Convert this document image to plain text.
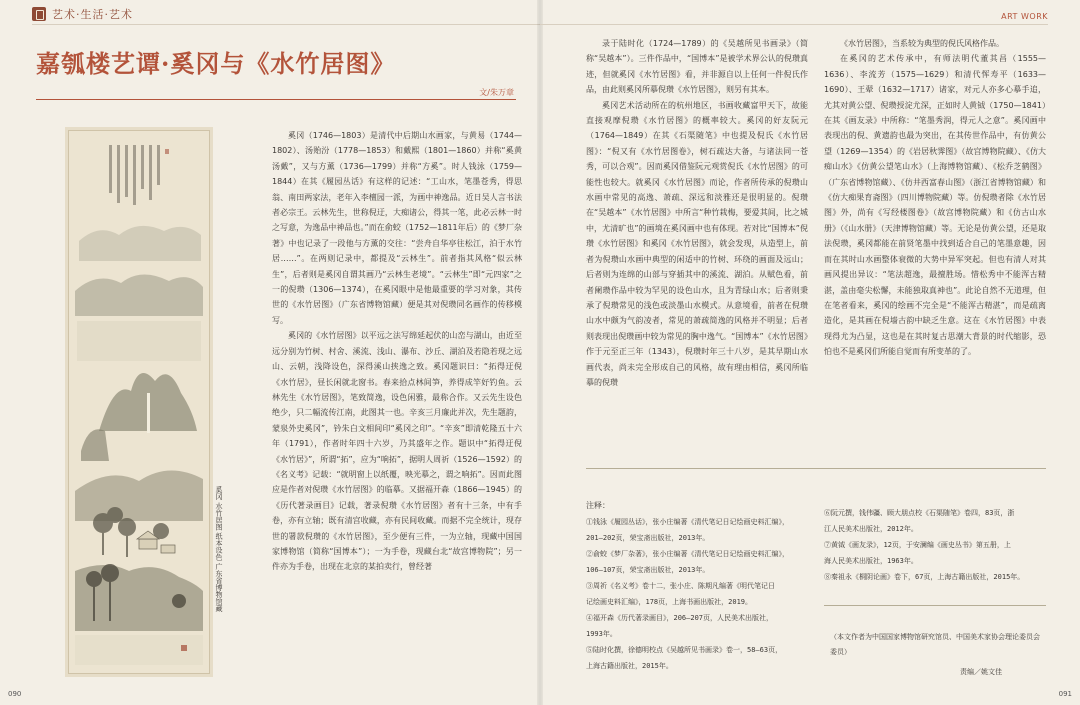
艺术·生活·艺术
嘉瓠楼艺谭·奚冈与《水竹居图》
文/朱万章
奚冈 水竹居图 纸本设色 广东省博物馆藏

奚冈（1746—1803）是清代中后期山水画家，与黄易（1744—1802）、汤贻汾（1778—1853）和戴熙（1801—1860）并称“奚黄汤戴”，又与方薰（1736—1799）并称“方奚”。时人钱泳（1759—1844）在其《履园丛话》有这样的记述：“工山水，笔墨苍秀，得思翁、南田两家法，老年入李檀园一派，为画中神逸品。近日吴人言书法者必宗王。云林先生，世称倪迂，大痴诸公，得其一笔，此必云林一时之写意，为逸品中神品也。”而在俞蛟（1752—1811年后）的《梦厂杂著》中也记录了一段他与方薰的交往：“尝舟自华亭往松江，泊于水竹居……”。在两则记录中，都提及“云林生”。前者指其风格“似云林生”，后者则是奚冈自谓其画乃“云林生老境”。“云林生”即“元四家”之一的倪瓒（1306—1374），在奚冈眼中是他最重要的学习对象，其传世的《水竹居图》（广东省博物馆藏）便是其对倪瓒同名画作的传移模写。

奚冈的《水竹居图》以平远之法写绵延起伏的山峦与湖山，由近至远分别为竹树、村舍、溪流、浅山、瀑布、沙丘、湖泊及若隐若现之远山、云朝，浅降设色，深得溪山挟逸之致。奚冈题识曰：“拓得迂倪《水竹居》，昼长闲就北窗书。春来拾点林间笋，养得成竿好钓鱼。云林先生《水竹居图》，笔致简逸，设色闲雅，最称合作。又云先生设色绝少，只二幅流传江南，此图其一也。辛亥三月廉此并次，先生题韵，蒙泉外史奚冈”，钤朱白文相间印“奚冈之印”。“辛亥”即清乾隆五十六年（1791），作者时年四十六岁，乃其盛年之作。题识中“拓得迂倪《水竹居》”，所谓“拓”，应为“响拓”，据明人周祈（1526—1592）的《名义考》记载：“就明窗上以纸覆，映光摹之，谓之响拓”。因而此图应是作者对倪瓒《水竹居图》的临摹。又据福开森（1866—1945）的《历代著录画目》记载，著录倪瓒《水竹居图》者有十三条，中有手卷，亦有立轴；既有清宫收藏，亦有民间收藏。而据不完全统计，现存世的署款倪瓒的《水竹居图》，至少便有三件，一为立轴，现藏中国国家博物馆（简称“国博本”）；一为手卷，现藏台北“故宫博物院”；另一件亦为手卷，出现在北京的某拍卖行，曾经著

090
ART WORK

录于陆时化（1724—1789）的《吴越所见书画录》（简称“吴越本”）。三件作品中，“国博本”是被学术界公认的倪瓒真迹，但就奚冈《水竹居图》看，并非源自以上任何一件倪氏作品，由此则奚冈所摹倪瓒《水竹居图》，则另有其本。

奚冈艺术活动所在的杭州地区，书画收藏富甲天下，故能直接观摩倪瓒《水竹居图》的概率较大。奚冈的好友阮元（1764—1849）在其《石渠随笔》中也提及倪氏《水竹居图》：“倪又有《水竹居图卷》，树石疏达大备，与诸法同一苍秀，可以合观”。因而奚冈借鉴阮元观赏倪氏《水竹居图》的可能性也较大。就奚冈《水竹居图》而论，作者所传承的倪瓒山水画中常见的高逸、萧疏、深远和淡雅还是很明显的。倪瓒在“吴越本”《水竹居图》中所言“种竹栽梅，要爱其间，比之城中，尤清旷也”的画境在奚冈画中也有体现。若对比“国博本”倪瓒《水竹居图》和奚冈《水竹居图》，就会发现，从造型上，前者为倪瓒山水画中典型的闲适中的竹树、环绕的画面及远山；后者则为连绵的山部与穿插其中的溪流、湖泊。从赋色看，前者阑瓒作品中较为罕见的设色山水，且为青绿山水；后者则秉承了倪瓒常见的浅色或淡墨山水模式。从意境看，前者在倪瓒山水中颇为气韵凌者，常见的萧疏简逸的风格并不明显；后者则表现出倪瓒画中较为常见的胸中逸气。“国博本”《水竹居图》作于元至正三年（1343），倪瓒时年三十八岁，是其早期山水画代表，尚未完全形成自己的风格，故有理由相信，奚冈所临摹的倪瓒

《水竹居图》，当系较为典型的倪氏风格作品。

在奚冈的艺术传承中，有师法明代董其昌（1555—1636）、李流芳（1575—1629）和清代恽寿平（1633—1690）、王翚（1632—1717）诸家，对元人亦多心摹手追，尤其对黄公望、倪瓒授淀尤深，正如时人黄钺（1750—1841）在其《画友录》中所称：“笔墨秀润，得元人之意”。奚冈画中表现出的倪、黄遗韵也最为突出，在其传世作品中，有仿黄公望（1269—1354）的《岩居秋霁图》（故宫博物院藏）、《仿大痴山水》《仿黄公望笔山水》（上海博物馆藏）、《松乔芝鹤图》（广东省博物馆藏）、《仿井西富春山图》（浙江省博物馆藏）和《仿大痴果育斋图》（四川博物院藏）等。仿倪瓒者除《水竹居图》外，尚有《写经楼图卷》（故宫博物院藏）和《仿古山水册》（《山水册》（天津博物馆藏）等。无论是仿黄公望，还是取法倪瓒，奚冈都能在前贤笔墨中找到适合自己的笔墨意趣，因而在其时山水画整体衰微的大势中异军突起。但也有清人对其画风提出异议：“笔法超逸，最擅胜场。惜松秀中不能浑古精湛，盖由毫尖松懈，未能独取真神也”。此论自然不无道理，但在笔者看来，奚冈的绘画不完全是“不能浑古精湛”，而是疏离造化，是其画在倪墙古韵中缺乏生意。这在《水竹居图》中表现得尤为凸显，这也是在其时复古思潮大背景的时代缩影，恐怕也不是奚冈们所能自觉而有所变革的了。

注释：
①钱泳《履园丛话》，张小庄编著《清代笔记日记绘画史料汇编》，
201—202页，荣宝斋出版社，2013年。
②俞蛟《梦厂杂著》，张小庄编著《清代笔记日记绘画史料汇编》，
106—107页，荣宝斋出版社，2013年。
③周祈《名义考》卷十二，张小庄、陈期凡编著《明代笔记日
记绘画史料汇编》，178页，上海书画出版社，2019。
④福开森《历代著录画目》，206—207页，人民美术出版社，
1993年。
⑤陆时化撰，徐德明校点《吴越所见书画录》卷一，58—63页，
上海古籍出版社，2015年。
⑥阮元撰，钱伟疆、顾大朋点校《石渠随笔》卷四，83页，浙
江人民美术出版社，2012年。
⑦黄钺《画友录》，12页，于安澜编《画史丛书》第五册，上
海人民美术出版社，1963年。
⑧秦祖永《桐阴论画》卷下，67页，上海古籍出版社，2015年。
（本文作者为中国国家博物馆研究馆员、中国美术家协会理论委员会委员）
责编／姚文佳
091
